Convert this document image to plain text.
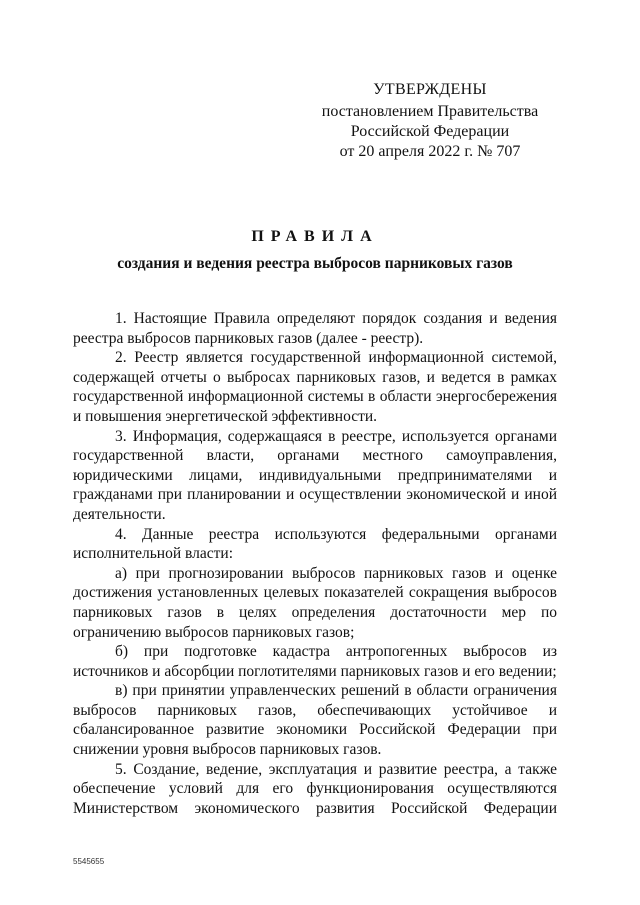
УТВЕРЖДЕНЫ
постановлением Правительства
Российской Федерации
от 20 апреля 2022 г. № 707
ПРАВИЛА
создания и ведения реестра выбросов парниковых газов

1. Настоящие Правила определяют порядок создания и ведения реестра выбросов парниковых газов (далее - реестр).

2. Реестр является государственной информационной системой, содержащей отчеты о выбросах парниковых газов, и ведется в рамках государственной информационной системы в области энергосбережения и повышения энергетической эффективности.

3. Информация, содержащаяся в реестре, используется органами государственной власти, органами местного самоуправления, юридическими лицами, индивидуальными предпринимателями и гражданами при планировании и осуществлении экономической и иной деятельности.

4. Данные реестра используются федеральными органами исполнительной власти:

а) при прогнозировании выбросов парниковых газов и оценке достижения установленных целевых показателей сокращения выбросов парниковых газов в целях определения достаточности мер по ограничению выбросов парниковых газов;

б) при подготовке кадастра антропогенных выбросов из источников и абсорбции поглотителями парниковых газов и его ведении;

в) при принятии управленческих решений в области ограничения выбросов парниковых газов, обеспечивающих устойчивое и сбалансированное развитие экономики Российской Федерации при снижении уровня выбросов парниковых газов.

5. Создание, ведение, эксплуатация и развитие реестра, а также обеспечение условий для его функционирования осуществляются Министерством экономического развития Российской Федерации

5545655
